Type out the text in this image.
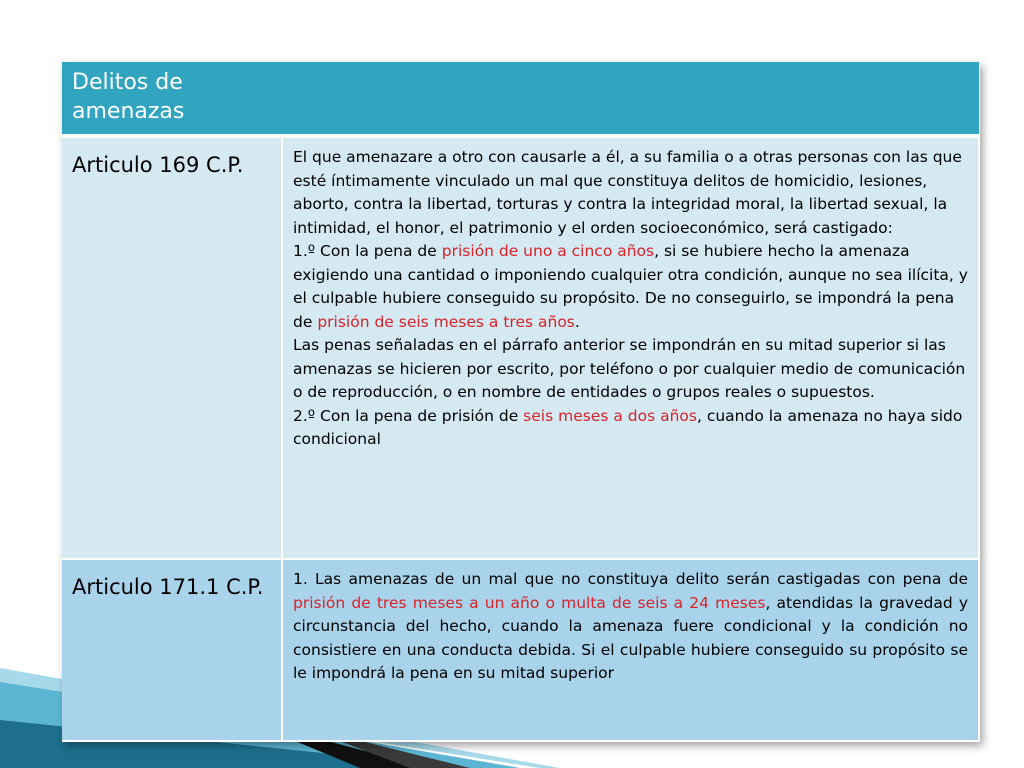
Delitos de amenazas	

Articulo 169 C.P.	El que amenazare a otro con causarle a él, a su familia o a otras personas con las que esté íntimamente vinculado un mal que constituya delitos de homicidio, lesiones, aborto, contra la libertad, torturas y contra la integridad moral, la libertad sexual, la intimidad, el honor, el patrimonio y el orden socioeconómico, será castigado:

1.º Con la pena de prisión de uno a cinco años, si se hubiere hecho la amenaza exigiendo una cantidad o imponiendo cualquier otra condición, aunque no sea ilícita, y el culpable hubiere conseguido su propósito. De no conseguirlo, se impondrá la pena de prisión de seis meses a tres años.

Las penas señaladas en el párrafo anterior se impondrán en su mitad superior si las amenazas se hicieren por escrito, por teléfono o por cualquier medio de comunicación o de reproducción, o en nombre de entidades o grupos reales o supuestos.

2.º Con la pena de prisión de seis meses a dos años, cuando la amenaza no haya sido condicional

Articulo 171.1 C.P.	1. Las amenazas de un mal que no constituya delito serán castigadas con pena de prisión de tres meses a un año o multa de seis a 24 meses, atendidas la gravedad y circunstancia del hecho, cuando la amenaza fuere condicional y la condición no consistiere en una conducta debida. Si el culpable hubiere conseguido su propósito se le impondrá la pena en su mitad superior
